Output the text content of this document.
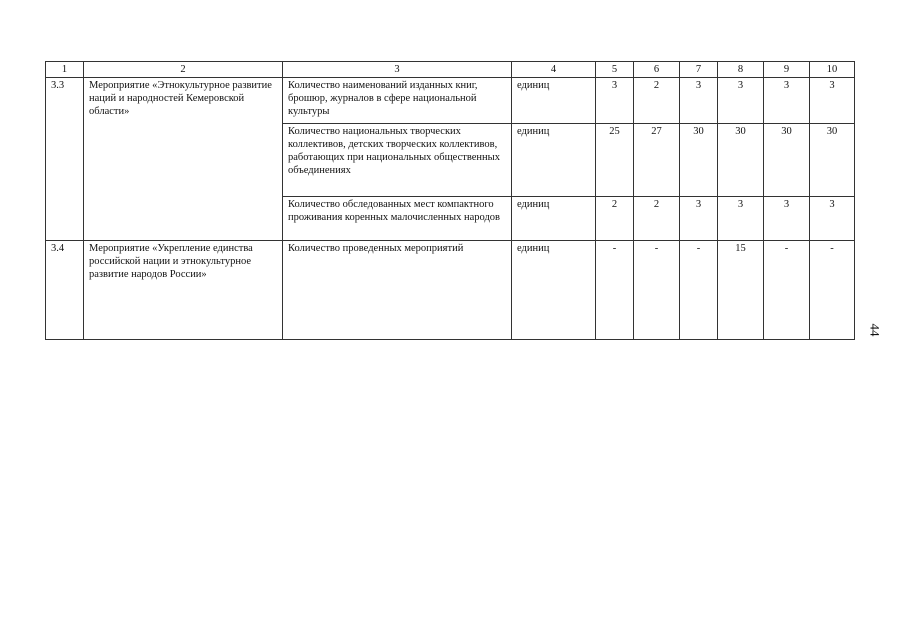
1	2	3	4	5	6	7	8	9	10
3.3	Мероприятие «Этнокультурное развитие наций и народностей Кемеровской области»	Количество наименований изданных книг, брошюр, журналов в сфере национальной культуры	единиц	3	2	3	3	3	3
		Количество национальных творческих коллективов, детских творческих коллективов, работающих при национальных общественных объединениях	единиц	25	27	30	30	30	30
		Количество обследованных мест компактного проживания коренных малочисленных народов	единиц	2	2	3	3	3	3
3.4	Мероприятие «Укрепление единства российской нации и этнокультурное развитие народов России»	Количество проведенных мероприятий	единиц	-	-	-	15	-	-
44
